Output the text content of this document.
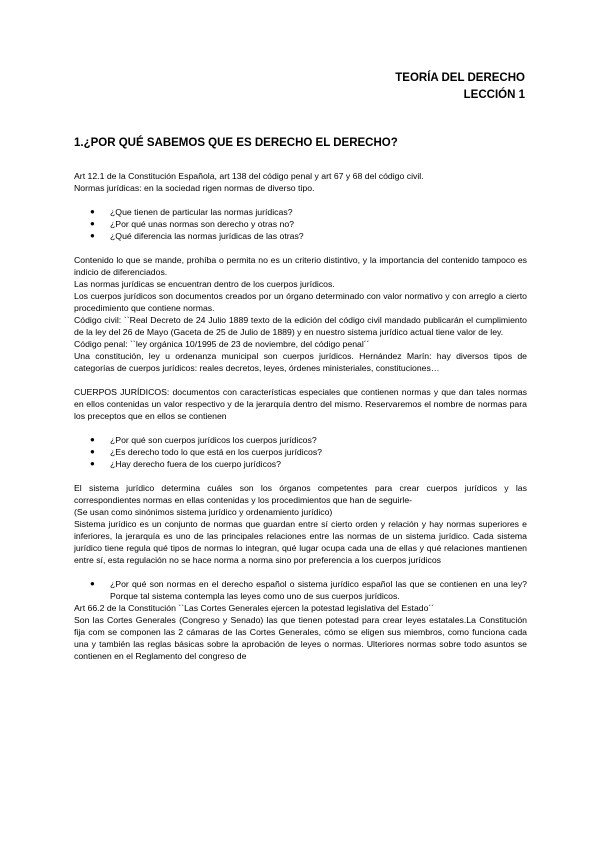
TEORÍA DEL DERECHO
LECCIÓN 1
1.¿POR QUÉ SABEMOS QUE ES DERECHO EL DERECHO?

Art 12.1 de la Constitución Española, art 138 del código penal y art 67 y 68 del código civil.

Normas jurídicas: en la sociedad rigen normas de diverso tipo.

● ¿Que tienen de particular las normas jurídicas?
● ¿Por qué unas normas son derecho y otras no?
● ¿Qué diferencia las normas jurídicas de las otras?

Contenido lo que se mande, prohíba o permita no es un criterio distintivo, y la importancia del contenido tampoco es indicio de diferenciados.

Las normas jurídicas se encuentran dentro de los cuerpos jurídicos.

Los cuerpos jurídicos son documentos creados por un órgano determinado con valor normativo y con arreglo a cierto procedimiento que contiene normas.

Código civil: ``Real Decreto de 24 Julio 1889 texto de la edición del código civil mandado publicarán el cumplimiento de la ley del 26 de Mayo (Gaceta de 25 de Julio de 1889) y en nuestro sistema jurídico actual tiene valor de ley.

Código penal: ``ley orgánica 10/1995 de 23 de noviembre, del código penal´´

Una constitución, ley u ordenanza municipal son cuerpos jurídicos. Hernández Marín: hay diversos tipos de categorías de cuerpos jurídicos: reales decretos, leyes, órdenes ministeriales, constituciones…

CUERPOS JURÍDICOS: documentos con características especiales que contienen normas y que dan tales normas en ellos contenidas un valor respectivo y de la jerarquía dentro del mismo. Reservaremos el nombre de normas para los preceptos que en ellos se contienen

● ¿Por qué son cuerpos jurídicos los cuerpos jurídicos?
● ¿Es derecho todo lo que está en los cuerpos jurídicos?
● ¿Hay derecho fuera de los cuerpo jurídicos?

El sistema jurídico determina cuáles son los órganos competentes para crear cuerpos jurídicos y las correspondientes normas en ellas contenidas y los procedimientos que han de seguirle-

(Se usan como sinónimos sistema jurídico y ordenamiento jurídico)

Sistema jurídico es un conjunto de normas que guardan entre sí cierto orden y relación y hay normas superiores e inferiores, la jerarquía es uno de las principales relaciones entre las normas de un sistema jurídico. Cada sistema jurídico tiene regula qué tipos de normas lo integran, qué lugar ocupa cada una de ellas y qué relaciones mantienen entre sí, esta regulación no se hace norma a norma sino por preferencia a los cuerpos jurídicos

● ¿Por qué son normas en el derecho español o sistema jurídico español las que se contienen en una ley? Porque tal sistema contempla las leyes como uno de sus cuerpos jurídicos.

Art 66.2 de la Constitución ``Las Cortes Generales ejercen la potestad legislativa del Estado´´

Son las Cortes Generales (Congreso y Senado) las que tienen potestad para crear leyes estatales.La Constitución fija com se componen las 2 cámaras de las Cortes Generales, cómo se eligen sus miembros, como funciona cada una y también las reglas básicas sobre la aprobación de leyes o normas. Ulteriores normas sobre todo asuntos se contienen en el Reglamento del congreso de
